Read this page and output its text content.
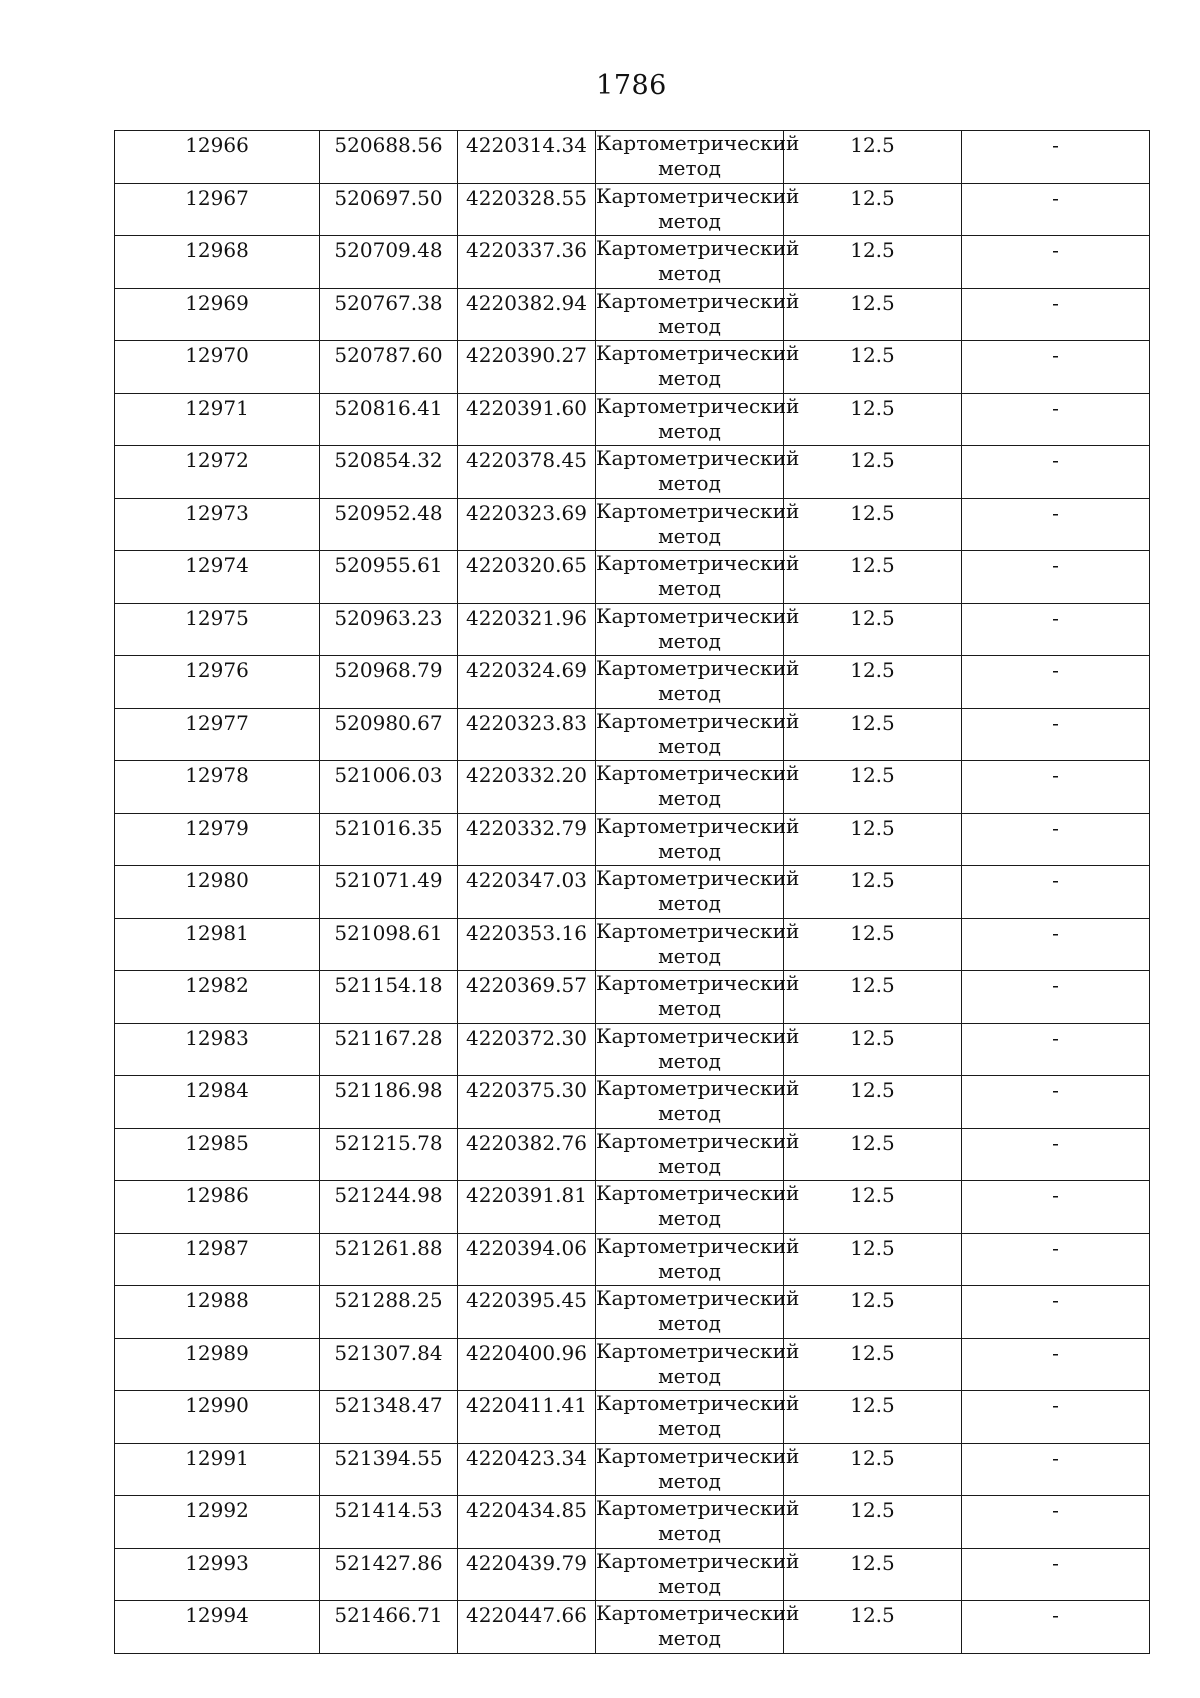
1786
12966	520688.56	4220314.34	Картометрический метод	12.5	-
12967	520697.50	4220328.55	Картометрический метод	12.5	-
12968	520709.48	4220337.36	Картометрический метод	12.5	-
12969	520767.38	4220382.94	Картометрический метод	12.5	-
12970	520787.60	4220390.27	Картометрический метод	12.5	-
12971	520816.41	4220391.60	Картометрический метод	12.5	-
12972	520854.32	4220378.45	Картометрический метод	12.5	-
12973	520952.48	4220323.69	Картометрический метод	12.5	-
12974	520955.61	4220320.65	Картометрический метод	12.5	-
12975	520963.23	4220321.96	Картометрический метод	12.5	-
12976	520968.79	4220324.69	Картометрический метод	12.5	-
12977	520980.67	4220323.83	Картометрический метод	12.5	-
12978	521006.03	4220332.20	Картометрический метод	12.5	-
12979	521016.35	4220332.79	Картометрический метод	12.5	-
12980	521071.49	4220347.03	Картометрический метод	12.5	-
12981	521098.61	4220353.16	Картометрический метод	12.5	-
12982	521154.18	4220369.57	Картометрический метод	12.5	-
12983	521167.28	4220372.30	Картометрический метод	12.5	-
12984	521186.98	4220375.30	Картометрический метод	12.5	-
12985	521215.78	4220382.76	Картометрический метод	12.5	-
12986	521244.98	4220391.81	Картометрический метод	12.5	-
12987	521261.88	4220394.06	Картометрический метод	12.5	-
12988	521288.25	4220395.45	Картометрический метод	12.5	-
12989	521307.84	4220400.96	Картометрический метод	12.5	-
12990	521348.47	4220411.41	Картометрический метод	12.5	-
12991	521394.55	4220423.34	Картометрический метод	12.5	-
12992	521414.53	4220434.85	Картометрический метод	12.5	-
12993	521427.86	4220439.79	Картометрический метод	12.5	-
12994	521466.71	4220447.66	Картометрический метод	12.5	-
